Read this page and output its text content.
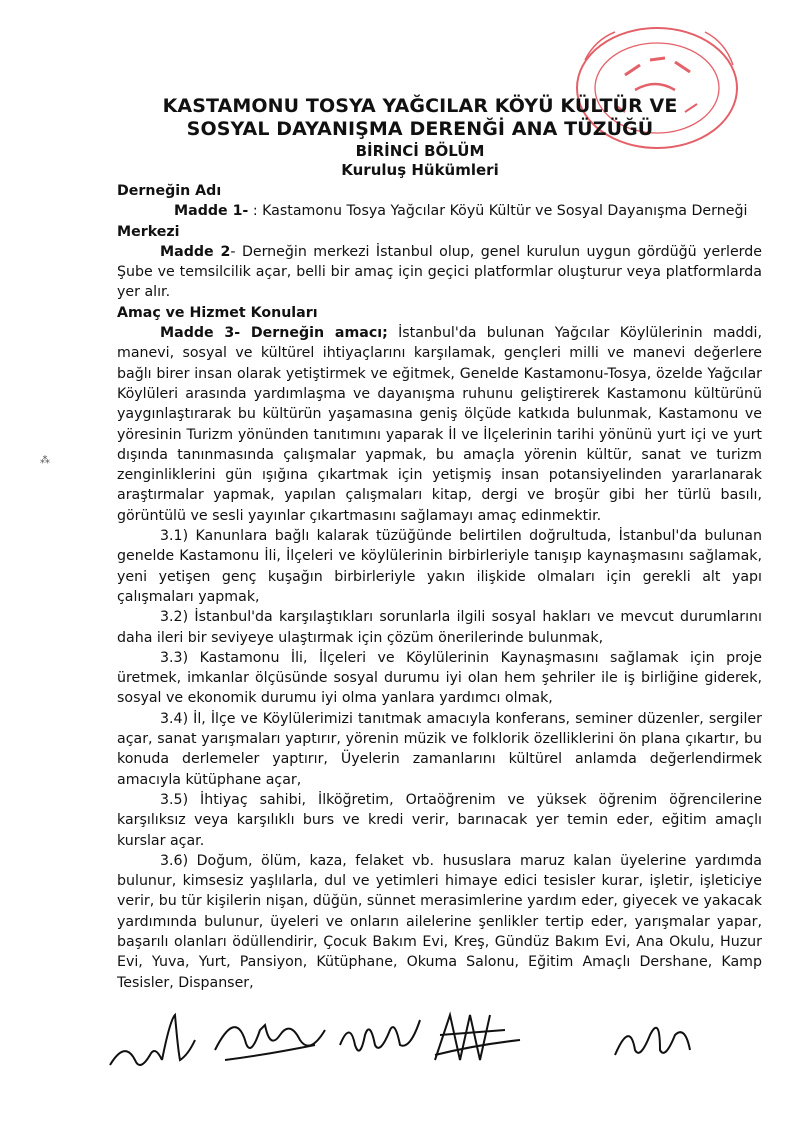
KASTAMONU TOSYA YAĞCILAR KÖYÜ KÜLTÜR VE
SOSYAL DAYANIŞMA DERENĞİ ANA TÜZÜĞÜ
BİRİNCİ BÖLÜM
Kuruluş Hükümleri
⁂

Derneğin Adı

Madde 1- : Kastamonu Tosya Yağcılar Köyü Kültür ve Sosyal Dayanışma Derneği

Merkezi

Madde 2- Derneğin merkezi İstanbul olup, genel kurulun uygun gördüğü yerlerde Şube ve temsilcilik açar, belli bir amaç için geçici platformlar oluşturur veya platformlarda yer alır.

Amaç ve Hizmet Konuları

Madde 3- Derneğin amacı; İstanbul'da bulunan Yağcılar Köylülerinin maddi, manevi, sosyal ve kültürel ihtiyaçlarını karşılamak, gençleri milli ve manevi değerlere bağlı birer insan olarak yetiştirmek ve eğitmek, Genelde Kastamonu-Tosya, özelde Yağcılar Köylüleri arasında yardımlaşma ve dayanışma ruhunu geliştirerek Kastamonu kültürünü yaygınlaştırarak bu kültürün yaşamasına geniş ölçüde katkıda bulunmak, Kastamonu ve yöresinin Turizm yönünden tanıtımını yaparak İl ve İlçelerinin tarihi yönünü yurt içi ve yurt dışında tanınmasında çalışmalar yapmak, bu amaçla yörenin kültür, sanat ve turizm zenginliklerini gün ışığına çıkartmak için yetişmiş insan potansiyelinden yararlanarak araştırmalar yapmak, yapılan çalışmaları kitap, dergi ve broşür gibi her türlü basılı, görüntülü ve sesli yayınlar çıkartmasını sağlamayı amaç edinmektir.

3.1) Kanunlara bağlı kalarak tüzüğünde belirtilen doğrultuda, İstanbul'da bulunan genelde Kastamonu İli, İlçeleri ve köylülerinin birbirleriyle tanışıp kaynaşmasını sağlamak, yeni yetişen genç kuşağın birbirleriyle yakın ilişkide olmaları için gerekli alt yapı çalışmaları yapmak,

3.2) İstanbul'da karşılaştıkları sorunlarla ilgili sosyal hakları ve mevcut durumlarını daha ileri bir seviyeye ulaştırmak için çözüm önerilerinde bulunmak,

3.3) Kastamonu İli, İlçeleri ve Köylülerinin Kaynaşmasını sağlamak için proje üretmek, imkanlar ölçüsünde sosyal durumu iyi olan hem şehriler ile iş birliğine giderek, sosyal ve ekonomik durumu iyi olma yanlara yardımcı olmak,

3.4) İl, İlçe ve Köylülerimizi tanıtmak amacıyla konferans, seminer düzenler, sergiler açar, sanat yarışmaları yaptırır, yörenin müzik ve folklorik özelliklerini ön plana çıkartır, bu konuda derlemeler yaptırır, Üyelerin zamanlarını kültürel anlamda değerlendirmek amacıyla kütüphane açar,

3.5) İhtiyaç sahibi, İlköğretim, Ortaöğrenim ve yüksek öğrenim öğrencilerine karşılıksız veya karşılıklı burs ve kredi verir, barınacak yer temin eder, eğitim amaçlı kurslar açar.

3.6) Doğum, ölüm, kaza, felaket vb. hususlara maruz kalan üyelerine yardımda bulunur, kimsesiz yaşlılarla, dul ve yetimleri himaye edici tesisler kurar, işletir, işleticiye verir, bu tür kişilerin nişan, düğün, sünnet merasimlerine yardım eder, giyecek ve yakacak yardımında bulunur, üyeleri ve onların ailelerine şenlikler tertip eder, yarışmalar yapar, başarılı olanları ödüllendirir, Çocuk Bakım Evi, Kreş, Gündüz Bakım Evi, Ana Okulu, Huzur Evi, Yuva, Yurt, Pansiyon, Kütüphane, Okuma Salonu, Eğitim Amaçlı Dershane, Kamp Tesisler, Dispanser,
